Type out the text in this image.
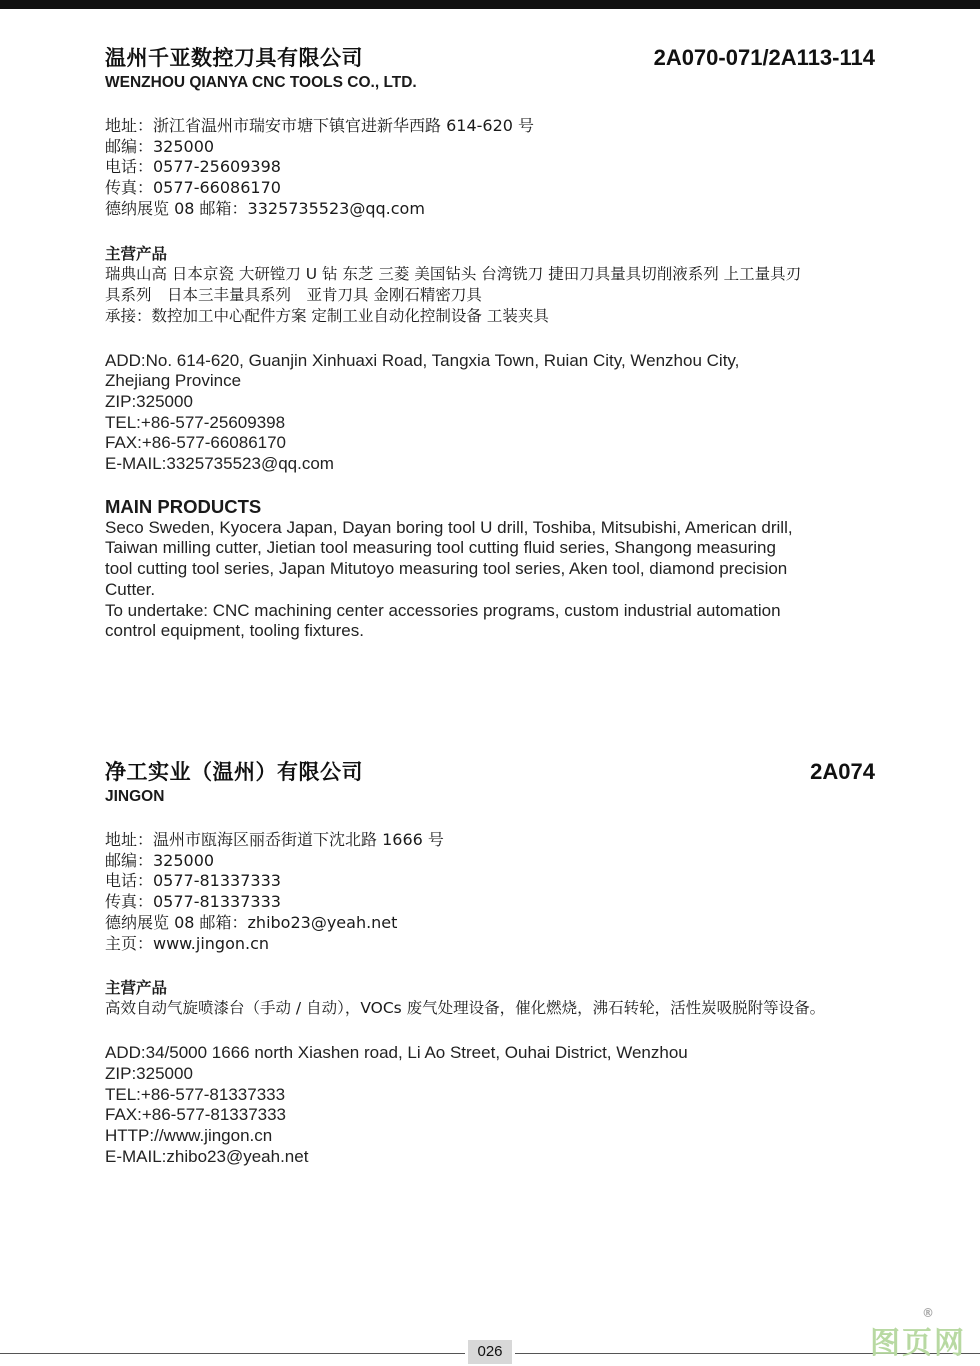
温州千亚数控刀具有限公司	2A070-071/2A113-114
WENZHOU QIANYA CNC TOOLS CO., LTD.
地址：浙江省温州市瑞安市塘下镇官进新华西路 614-620 号
邮编：325000
电话：0577-25609398
传真：0577-66086170
德纳展览 08 邮箱：3325735523@qq.com
主营产品
瑞典山高 日本京瓷 大研镗刀 U 钻 东芝 三菱 美国钻头 台湾铣刀 捷田刀具量具切削液系列 上工量具刃
具系列　日本三丰量具系列　亚肯刀具 金刚石精密刀具
承接：数控加工中心配件方案 定制工业自动化控制设备 工装夹具
ADD:No. 614-620, Guanjin Xinhuaxi Road, Tangxia Town, Ruian City, Wenzhou City,
Zhejiang Province
ZIP:325000
TEL:+86-577-25609398
FAX:+86-577-66086170
E-MAIL:3325735523@qq.com
MAIN PRODUCTS
Seco Sweden, Kyocera Japan, Dayan boring tool U drill, Toshiba, Mitsubishi, American drill,
Taiwan milling cutter, Jietian tool measuring tool cutting fluid series, Shangong measuring
tool cutting tool series, Japan Mitutoyo measuring tool series, Aken tool, diamond precision
Cutter.
To undertake: CNC machining center accessories programs, custom industrial automation
control equipment, tooling fixtures.
净工实业（温州）有限公司	2A074
JINGON
地址：温州市瓯海区丽岙街道下沈北路 1666 号
邮编：325000
电话：0577-81337333
传真：0577-81337333
德纳展览 08 邮箱：zhibo23@yeah.net
主页：www.jingon.cn
主营产品
高效自动气旋喷漆台（手动 / 自动），VOCs 废气处理设备，催化燃烧，沸石转轮，活性炭吸脱附等设备。
ADD:34/5000 1666 north Xiashen road, Li Ao Street, Ouhai District, Wenzhou
ZIP:325000
TEL:+86-577-81337333
FAX:+86-577-81337333
HTTP://www.jingon.cn
E-MAIL:zhibo23@yeah.net
026	图页网
®
